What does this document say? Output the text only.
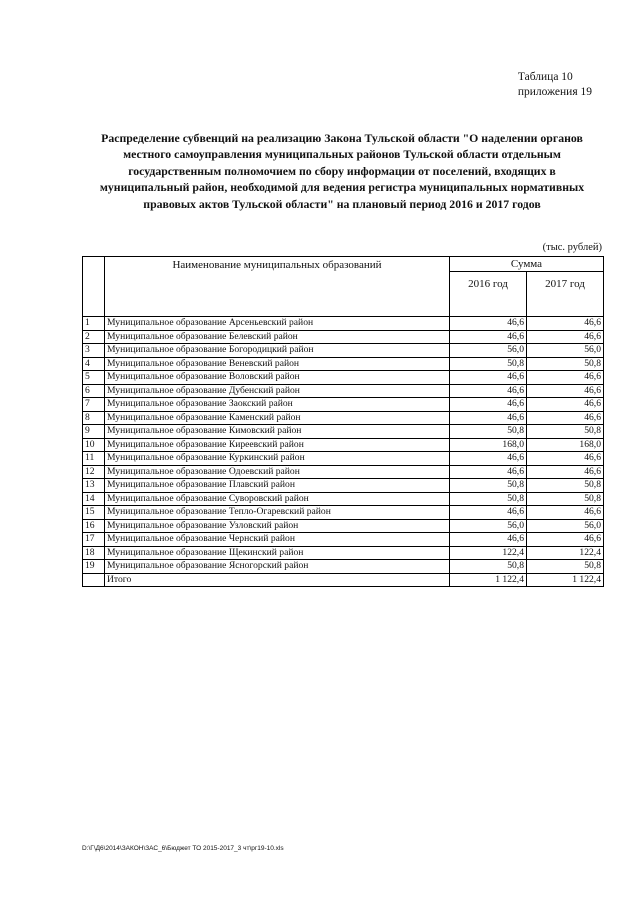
Таблица 10
приложения 19
Распределение субвенций на реализацию Закона Тульской области "О наделении органов местного самоуправления муниципальных районов Тульской области отдельным государственным полномочием по сбору информации от поселений, входящих в муниципальный район, необходимой для ведения регистра муниципальных нормативных правовых актов Тульской области" на плановый период 2016 и 2017 годов
(тыс. рублей)
	Наименование муниципальных образований	Сумма	
		2016 год	2017 год
1	Муниципальное образование Арсеньевский район	46,6	46,6
2	Муниципальное образование Белевский район	46,6	46,6
3	Муниципальное образование Богородицкий район	56,0	56,0
4	Муниципальное образование Веневский район	50,8	50,8
5	Муниципальное образование Воловский район	46,6	46,6
6	Муниципальное образование Дубенский район	46,6	46,6
7	Муниципальное образование Заокский район	46,6	46,6
8	Муниципальное образование Каменский район	46,6	46,6
9	Муниципальное образование Кимовский район	50,8	50,8
10	Муниципальное образование Киреевский район	168,0	168,0
11	Муниципальное образование Куркинский район	46,6	46,6
12	Муниципальное образование Одоевский район	46,6	46,6
13	Муниципальное образование Плавский район	50,8	50,8
14	Муниципальное образование Суворовский район	50,8	50,8
15	Муниципальное образование Тепло-Огаревский район	46,6	46,6
16	Муниципальное образование Узловский район	56,0	56,0
17	Муниципальное образование Чернский район	46,6	46,6
18	Муниципальное образование Щекинский район	122,4	122,4
19	Муниципальное образование Ясногорский район	50,8	50,8
	Итого	1 122,4	1 122,4
D:\Г\Д6\2014\ЗАКОН\ЗАС_6\Бюджет ТО 2015-2017_3 чт\рг19-10.xls
